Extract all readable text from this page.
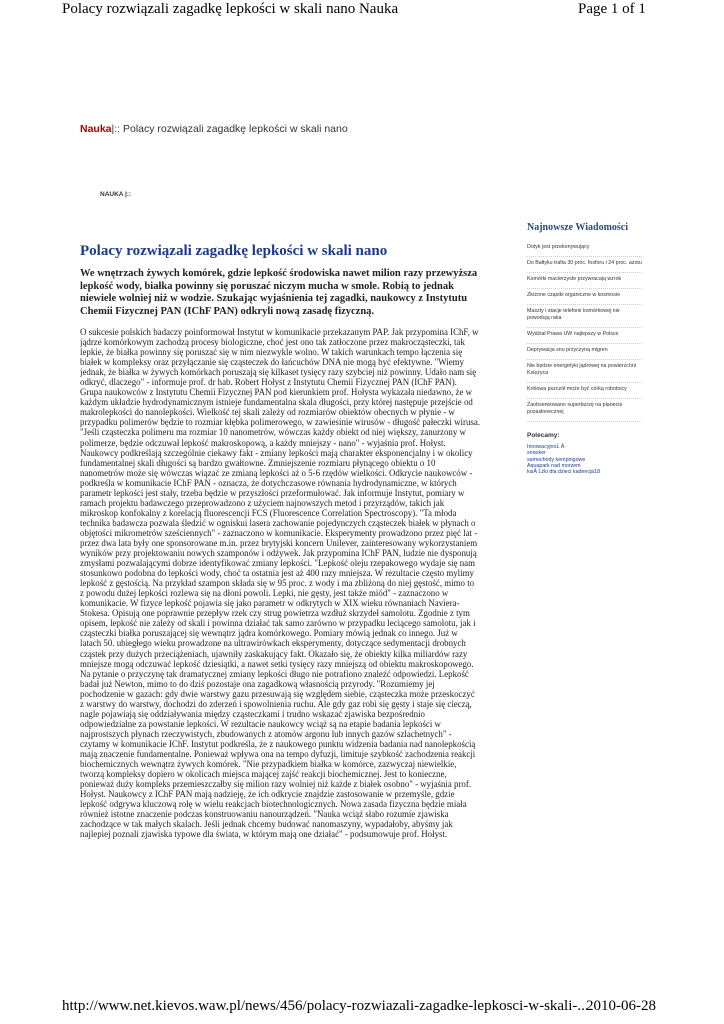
Polacy rozwiązali zagadkę lepkości w skali nano Nauka	Page 1 of 1
Nauka|:: Polacy rozwiązali zagadkę lepkości w skali nano
NAUKA |::
Polacy rozwiązali zagadkę lepkości w skali nano
We wnętrzach żywych komórek, gdzie lepkość środowiska nawet milion razy przewyższa lepkość wody, białka powinny się poruszać niczym mucha w smole. Robią to jednak niewiele wolniej niż w wodzie. Szukając wyjaśnienia tej zagadki, naukowcy z Instytutu Chemii Fizycznej PAN (IChF PAN) odkryli nową zasadę fizyczną.
O sukcesie polskich badaczy poinformował Instytut w komunikacie przekazanym PAP. Jak przypomina IChF, w jądrze komórkowym zachodzą procesy biologiczne, choć jest ono tak zatłoczone przez makrocząsteczki, tak lepkie, że białka powinny się poruszać się w nim niezwykle wolno. W takich warunkach tempo łączenia się białek w kompleksy oraz przyłączanie się cząsteczek do łańcuchów DNA nie mogą być efektywne. "Wiemy jednak, że białka w żywych komórkach poruszają się kilkaset tysięcy razy szybciej niż powinny. Udało nam się odkryć, dlaczego" - informuje prof. dr hab. Robert Hołyst z Instytutu Chemii Fizycznej PAN (IChF PAN). Grupa naukowców z Instytutu Chemii Fizycznej PAN pod kierunkiem prof. Hołysta wykazała niedawno, że w każdym układzie hydrodynamicznym istnieje fundamentalna skala długości, przy której następuje przejście od makrolepkości do nanolepkości. Wielkość tej skali zależy od rozmiarów obiektów obecnych w płynie - w przypadku polimerów będzie to rozmiar kłębka polimerowego, w zawiesinie wirusów - długość pałeczki wirusa. "Jeśli cząsteczka polimeru ma rozmiar 10 nanometrów, wówczas każdy obiekt od niej większy, zanurzony w polimerze, będzie odczuwał lepkość makroskopową, a każdy mniejszy - nano" - wyjaśnia prof. Hołyst. Naukowcy podkreślają szczególnie ciekawy fakt - zmiany lepkości mają charakter eksponencjalny i w okolicy fundamentalnej skali długości są bardzo gwałtowne. Zmniejszenie rozmiaru płynącego obiektu o 10 nanometrów może się wówczas wiązać ze zmianą lepkości aż o 5-6 rzędów wielkości. Odkrycie naukowców - podkreśla w komunikacie IChF PAN - oznacza, że dotychczasowe równania hydrodynamiczne, w których parametr lepkości jest stały, trzeba będzie w przyszłości przeformułować. Jak informuje Instytut, pomiary w ramach projektu badawczego przeprowadzono z użyciem najnowszych metod i przyrządów, takich jak mikroskop konfokalny z korelacją fluorescencji FCS (Fluorescence Correlation Spectroscopy). "Ta młoda technika badawcza pozwala śledzić w ogniskui lasera zachowanie pojedynczych cząsteczek białek w płynach o objętości mikrometrów sześciennych" - zaznaczono w komunikacie. Eksperymenty prowadzono przez pięć lat - przez dwa lata były one sponsorowane m.in. przez brytyjski koncern Unilever, zainteresowany wykorzystaniem wyników przy projektowaniu nowych szamponów i odżywek. Jak przypomina IChF PAN, ludzie nie dysponują zmysłami pozwalającymi dobrze identyfikować zmiany lepkości. "Lepkość oleju rzepakowego wydaje się nam stosunkowo podobna do lepkości wody, choć ta ostatnia jest aż 400 razy mniejsza. W rezultacie często mylimy lepkość z gęstością. Na przykład szampon składa się w 95 proc. z wody i ma zbliżoną do niej gęstość, mimo to z powodu dużej lepkości rozlewa się na dłoni powoli. Lepki, nie gęsty, jest także miód" - zaznaczono w komunikacie. W fizyce lepkość pojawia się jako parametr w odkrytych w XIX wieku równaniach Naviera-Stokesa. Opisują one poprawnie przepływ rzek czy strug powietrza wzdłuż skrzydeł samolotu. Zgodnie z tym opisem, lepkość nie zależy od skali i powinna działać tak samo zarówno w przypadku leciącego samolotu, jak i cząsteczki białka poruszającej się wewnątrz jądra komórkowego. Pomiary mówią jednak co innego. Już w latach 50. ubiegłego wieku prowadzone na ultrawirówkach eksperymenty, dotyczące sedymentacji drobnych cząstek przy dużych przeciążeniach, ujawniły zaskakujący fakt. Okazało się, że obiekty kilka miliardów razy mniejsze mogą odczuwać lepkość dziesiątki, a nawet setki tysięcy razy mniejszą od obiektu makroskopowego. Na pytanie o przyczynę tak dramatycznej zmiany lepkości długo nie potrafiono znaleźć odpowiedzi. Lepkość badał już Newton, mimo to do dziś pozostaje ona zagadkową własnością przyrody. "Rozumiemy jej pochodzenie w gazach: gdy dwie warstwy gazu przesuwają się względem siebie, cząsteczka może przeskoczyć z warstwy do warstwy, dochodzi do zderzeń i spowolnienia ruchu. Ale gdy gaz robi się gęsty i staje się cieczą, nagle pojawiają się oddziaływania między cząsteczkami i trudno wskazać zjawiska bezpośrednio odpowiedzialne za powstanie lepkości. W rezultacie naukowcy wciąż są na etapie badania lepkości w najprostszych płynach rzeczywistych, zbudowanych z atomów argonu lub innych gazów szlachetnych" - czytamy w komunikacie IChF. Instytut podkreśla, że z naukowego punktu widzenia badania nad nanolepkością mają znaczenie fundamentalne. Ponieważ wpływa ona na tempo dyfuzji, limituje szybkość zachodzenia reakcji biochemicznych wewnątrz żywych komórek. "Nie przypadkiem białka w komórce, zazwyczaj niewielkie, tworzą kompleksy dopiero w okolicach miejsca mającej zajść reakcji biochemicznej. Jest to konieczne, ponieważ duży kompleks przemieszczałby się milion razy wolniej niż każde z białek osobno" - wyjaśnia prof. Hołyst. Naukowcy z IChF PAN mają nadzieję, że ich odkrycie znajdzie zastosowanie w przemyśle, gdzie lepkość odgrywa kluczową rolę w wielu reakcjach biotechnologicznych. Nowa zasada fizyczna będzie miała również istotne znaczenie podczas konstruowaniu nanourządzeń. "Nauka wciąż słabo rozumie zjawiska zachodzące w tak małych skalach. Jeśli jednak chcemy budować nanomaszyny, wypadałoby, abyśmy jak najlepiej poznali zjawiska typowe dla świata, w którym mają one działać" - podsumowuje prof. Hołyst.
Najnowsze Wiadomości
Dotyk jest przekonywujący
Do Bałtyku trafia 30 proc. fosforu i 24 proc. azotu
Komórki macierzyste przywracają wzrok
Złożone cząstki organiczne w kosmosie
Maszty i stacje telefonii komórkowej nie powodują raka
Wydział Prawa UW najlepszy w Polsce
Deprywacja snu przyczyną migren
Nie będzie energetyki jądrowej na powierzchni Księżyca
Królowa pszczół może być córką robotnicy
Zaobserwowano superburzę na planecie pozasłonecznej
Polecamy:
InnowacyjnoĹ Ä
snooker
samochody kempingowe
Aquapark nad morzem
ksiĂ Ĺźki dla dzieci kadencja18
http://www.net.kievos.waw.pl/news/456/polacy-rozwiazali-zagadke-lepkosci-w-skali-...
2010-06-28
